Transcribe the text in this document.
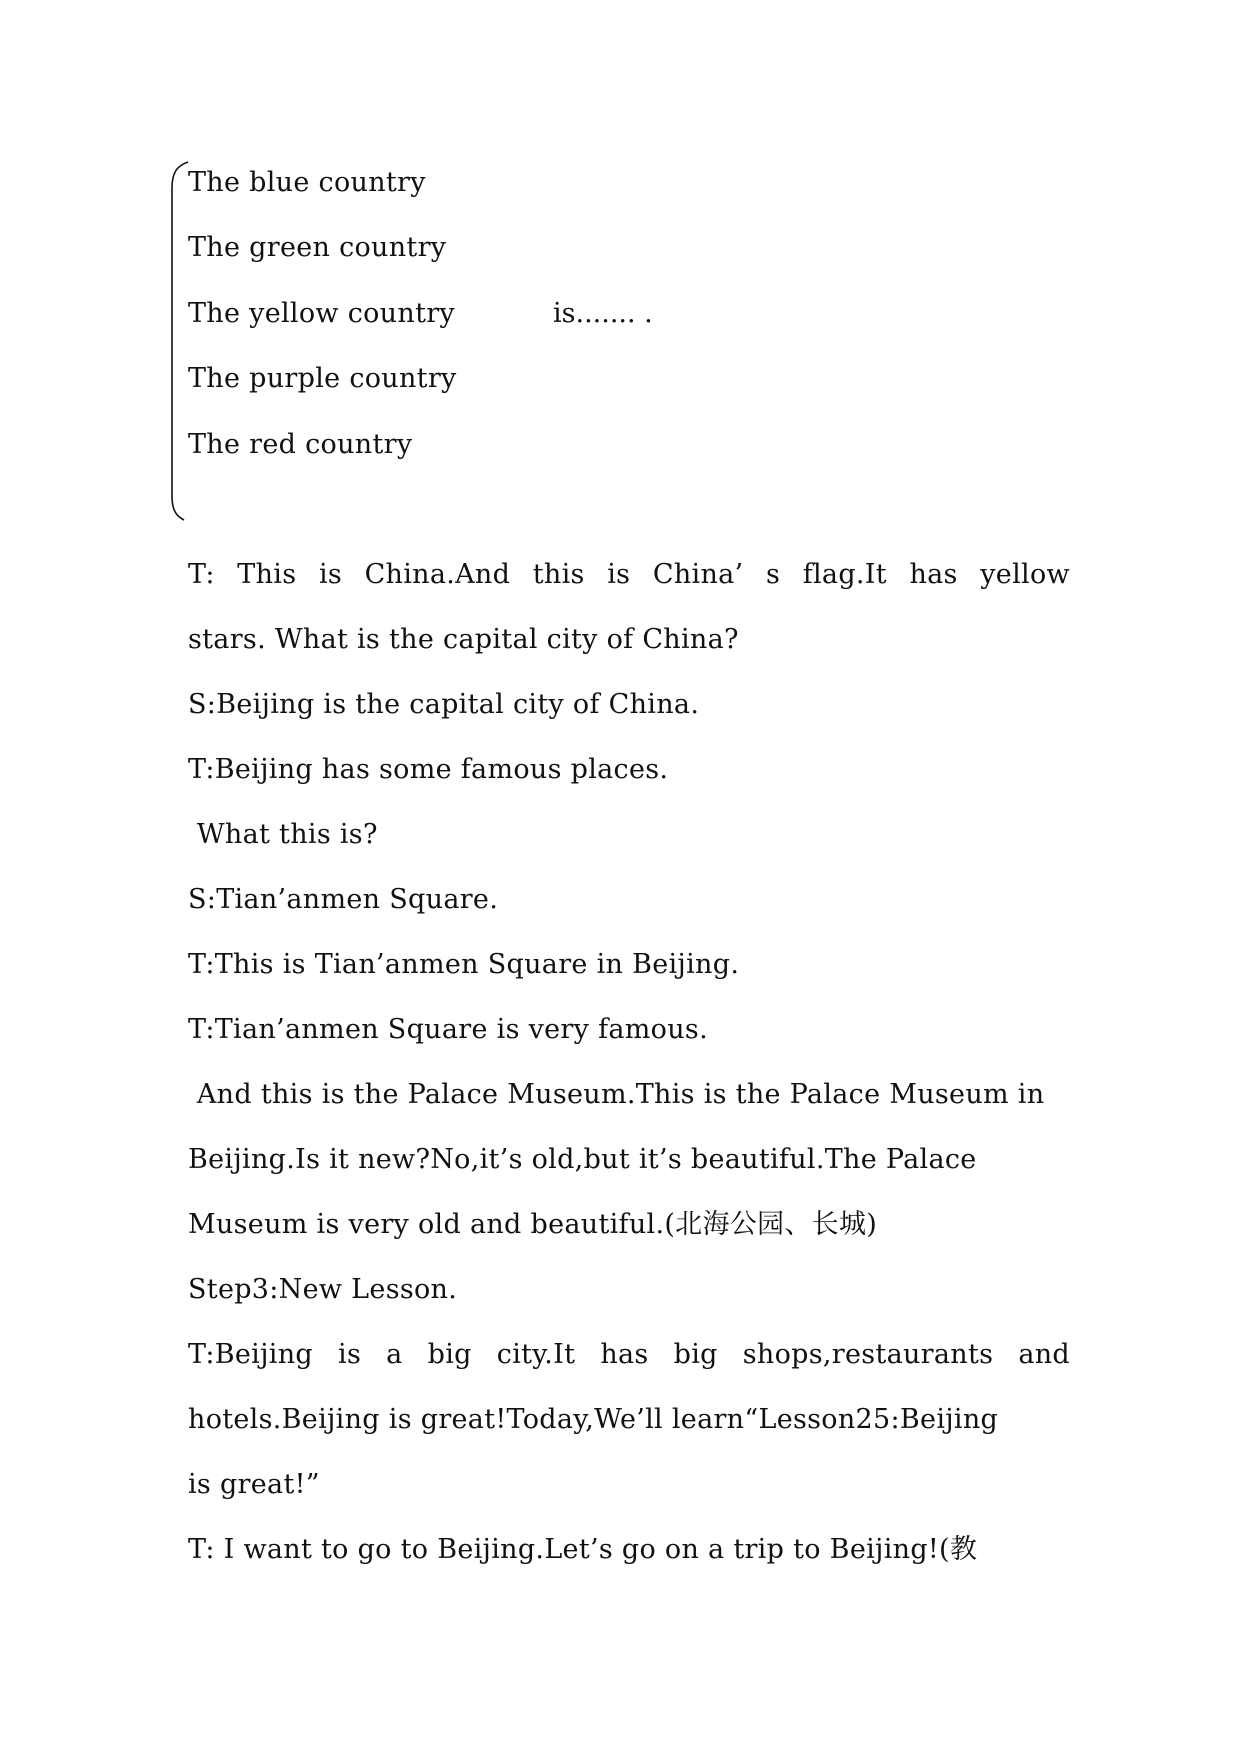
The blue country
The green country
The yellow country
The purple country
The red country
is....... .
T: This is China.And this is China’ s flag.It has yellow
stars. What is the capital city of China?
S:Beijing is the capital city of China.
T:Beijing has some famous places.
What this is?
S:Tian’anmen Square.
T:This is Tian’anmen Square in Beijing.
T:Tian’anmen Square is very famous.
And this is the Palace Museum.This is the Palace Museum in
Beijing.Is it new?No,it’s old,but it’s beautiful.The Palace
Museum is very old and beautiful.(北海公园、长城)
Step3:New Lesson.
T:Beijing is a big city.It has big shops,restaurants and
hotels.Beijing is great!Today,We’ll learn“Lesson25:Beijing
is great!”
T: I want to go to Beijing.Let’s go on a trip to Beijing!(教
